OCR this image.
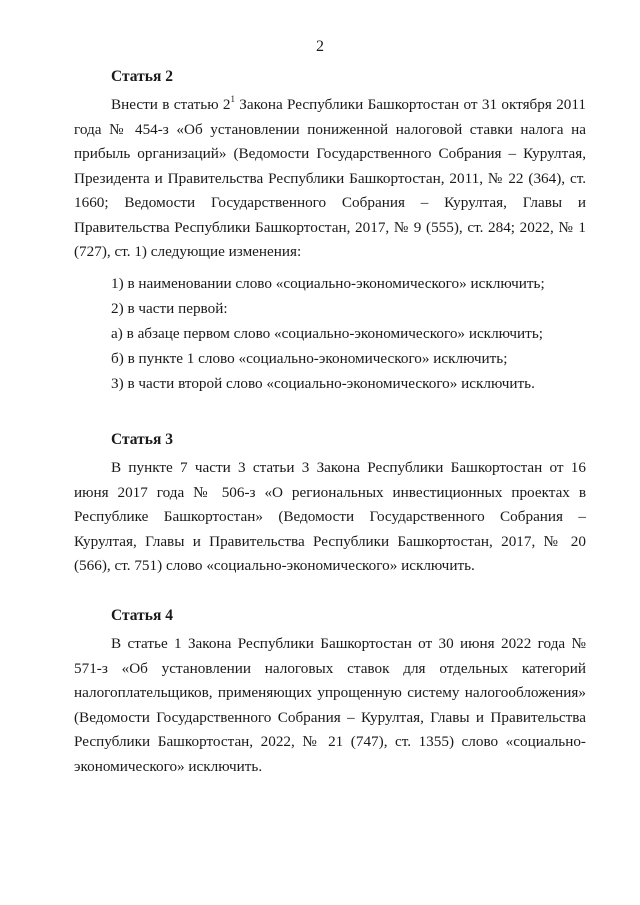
2
Статья 2

Внести в статью $2^1$ Закона Республики Башкортостан от 31 октября 2011 года № 454-з «Об установлении пониженной налоговой ставки налога на прибыль организаций» (Ведомости Государственного Собрания – Курултая, Президента и Правительства Республики Башкортостан, 2011, № 22 (364), ст. 1660; Ведомости Государственного Собрания – Курултая, Главы и Правительства Республики Башкортостан, 2017, № 9 (555), ст. 284; 2022, № 1 (727), ст. 1) следующие изменения:

1) в наименовании слово «социально-экономического» исключить;
2) в части первой:
а) в абзаце первом слово «социально-экономического» исключить;
б) в пункте 1 слово «социально-экономического» исключить;
3) в части второй слово «социально-экономического» исключить.
Статья 3

В пункте 7 части 3 статьи 3 Закона Республики Башкортостан от 16 июня 2017 года № 506-з «О региональных инвестиционных проектах в Республике Башкортостан» (Ведомости Государственного Собрания – Курултая, Главы и Правительства Республики Башкортостан, 2017, № 20 (566), ст. 751) слово «социально-экономического» исключить.

Статья 4

В статье 1 Закона Республики Башкортостан от 30 июня 2022 года № 571-з «Об установлении налоговых ставок для отдельных категорий налогоплательщиков, применяющих упрощенную систему налогообложения» (Ведомости Государственного Собрания – Курултая, Главы и Правительства Республики Башкортостан, 2022, № 21 (747), ст. 1355) слово «социально-экономического» исключить.
